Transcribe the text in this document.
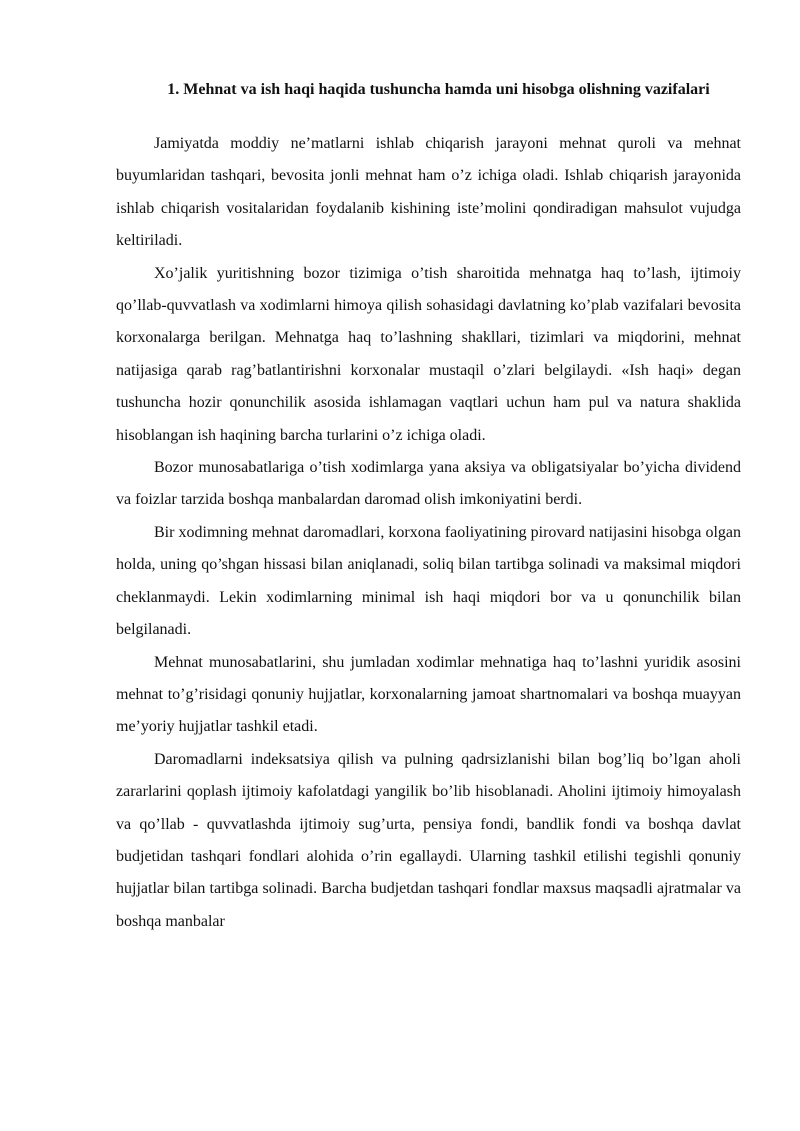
1. Mehnat va ish haqi haqida tushuncha hamda uni hisobga olishning vazifalari

Jamiyatda moddiy ne’matlarni ishlab chiqarish jarayoni mehnat quroli va mehnat buyumlaridan tashqari, bevosita jonli mehnat ham o’z ichiga oladi. Ishlab chiqarish jarayonida ishlab chiqarish vositalaridan foydalanib kishining iste’molini qondiradigan mahsulot vujudga keltiriladi.

Xo’jalik yuritishning bozor tizimiga o’tish sharoitida mehnatga haq to’lash, ijtimoiy qo’llab-quvvatlash va xodimlarni himoya qilish sohasidagi davlatning ko’plab vazifalari bevosita korxonalarga berilgan. Mehnatga haq to’lashning shakllari, tizimlari va miqdorini, mehnat natijasiga qarab rag’batlantirishni korxonalar mustaqil o’zlari belgilaydi. «Ish haqi» degan tushuncha hozir qonunchilik asosida ishlamagan vaqtlari uchun ham pul va natura shaklida hisoblangan ish haqining barcha turlarini o’z ichiga oladi.

Bozor munosabatlariga o’tish xodimlarga yana aksiya va obligatsiyalar bo’yicha dividend va foizlar tarzida boshqa manbalardan daromad olish imkoniyatini berdi.

Bir xodimning mehnat daromadlari, korxona faoliyatining pirovard natijasini hisobga olgan holda, uning qo’shgan hissasi bilan aniqlanadi, soliq bilan tartibga solinadi va maksimal miqdori cheklanmaydi. Lekin xodimlarning minimal ish haqi miqdori bor va u qonunchilik bilan belgilanadi.

Mehnat munosabatlarini, shu jumladan xodimlar mehnatiga haq to’lashni yuridik asosini mehnat to’g’risidagi qonuniy hujjatlar, korxonalarning jamoat shartnomalari va boshqa muayyan me’yoriy hujjatlar tashkil etadi.

Daromadlarni indeksatsiya qilish va pulning qadrsizlanishi bilan bog’liq bo’lgan aholi zararlarini qoplash ijtimoiy kafolatdagi yangilik bo’lib hisoblanadi. Aholini ijtimoiy himoyalash va qo’llab - quvvatlashda ijtimoiy sug’urta, pensiya fondi, bandlik fondi va boshqa davlat budjetidan tashqari fondlari alohida o’rin egallaydi. Ularning tashkil etilishi tegishli qonuniy hujjatlar bilan tartibga solinadi. Barcha budjetdan tashqari fondlar maxsus maqsadli ajratmalar va boshqa manbalar
